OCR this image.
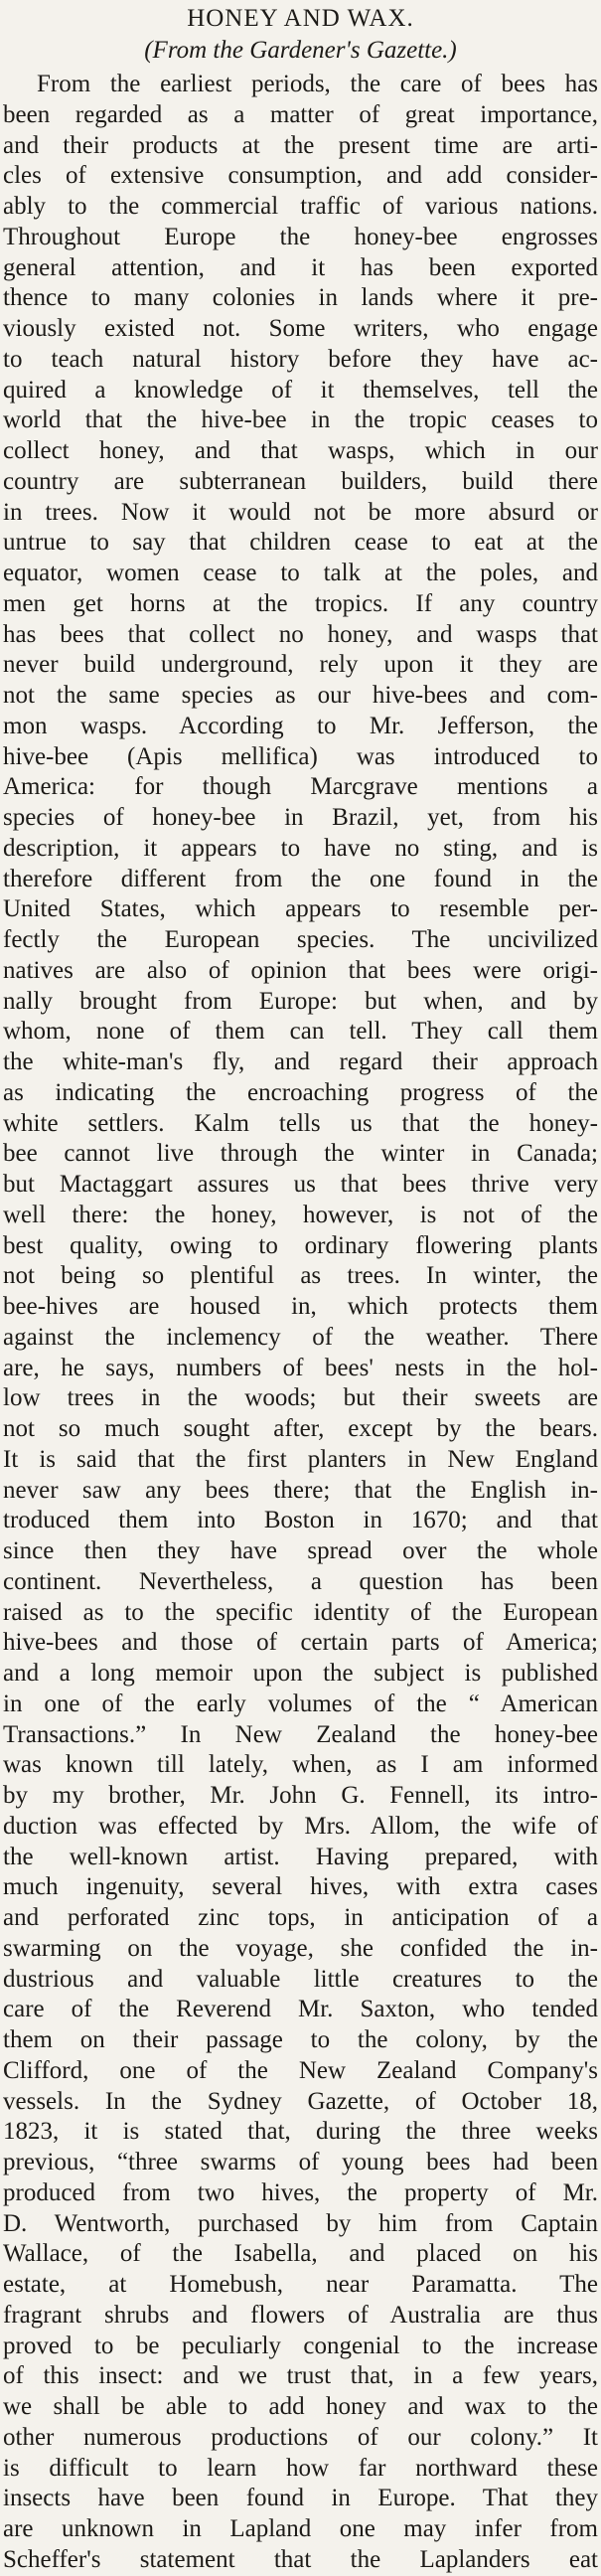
HONEY AND WAX.
(From the Gardener's Gazette.)
From the earliest periods, the care of bees has
been regarded as a matter of great importance,
and their products at the present time are arti-
cles of extensive consumption, and add consider-
ably to the commercial traffic of various nations.
Throughout Europe the honey-bee engrosses
general attention, and it has been exported
thence to many colonies in lands where it pre-
viously existed not. Some writers, who engage
to teach natural history before they have ac-
quired a knowledge of it themselves, tell the
world that the hive-bee in the tropic ceases to
collect honey, and that wasps, which in our
country are subterranean builders, build there
in trees. Now it would not be more absurd or
untrue to say that children cease to eat at the
equator, women cease to talk at the poles, and
men get horns at the tropics. If any country
has bees that collect no honey, and wasps that
never build underground, rely upon it they are
not the same species as our hive-bees and com-
mon wasps. According to Mr. Jefferson, the
hive-bee (Apis mellifica) was introduced to
America: for though Marcgrave mentions a
species of honey-bee in Brazil, yet, from his
description, it appears to have no sting, and is
therefore different from the one found in the
United States, which appears to resemble per-
fectly the European species. The uncivilized
natives are also of opinion that bees were origi-
nally brought from Europe: but when, and by
whom, none of them can tell. They call them
the white-man's fly, and regard their approach
as indicating the encroaching progress of the
white settlers. Kalm tells us that the honey-
bee cannot live through the winter in Canada;
but Mactaggart assures us that bees thrive very
well there: the honey, however, is not of the
best quality, owing to ordinary flowering plants
not being so plentiful as trees. In winter, the
bee-hives are housed in, which protects them
against the inclemency of the weather. There
are, he says, numbers of bees' nests in the hol-
low trees in the woods; but their sweets are
not so much sought after, except by the bears.
It is said that the first planters in New England
never saw any bees there; that the English in-
troduced them into Boston in 1670; and that
since then they have spread over the whole
continent. Nevertheless, a question has been
raised as to the specific identity of the European
hive-bees and those of certain parts of America;
and a long memoir upon the subject is published
in one of the early volumes of the “ American
Transactions.” In New Zealand the honey-bee
was known till lately, when, as I am informed
by my brother, Mr. John G. Fennell, its intro-
duction was effected by Mrs. Allom, the wife of
the well-known artist. Having prepared, with
much ingenuity, several hives, with extra cases
and perforated zinc tops, in anticipation of a
swarming on the voyage, she confided the in-
dustrious and valuable little creatures to the
care of the Reverend Mr. Saxton, who tended
them on their passage to the colony, by the
Clifford, one of the New Zealand Company's
vessels. In the Sydney Gazette, of October 18,
1823, it is stated that, during the three weeks
previous, “three swarms of young bees had been
produced from two hives, the property of Mr.
D. Wentworth, purchased by him from Captain
Wallace, of the Isabella, and placed on his
estate, at Homebush, near Paramatta. The
fragrant shrubs and flowers of Australia are thus
proved to be peculiarly congenial to the increase
of this insect: and we trust that, in a few years,
we shall be able to add honey and wax to the
other numerous productions of our colony.” It
is difficult to learn how far northward these
insects have been found in Europe. That they
are unknown in Lapland one may infer from
Scheffer's statement that the Laplanders eat
